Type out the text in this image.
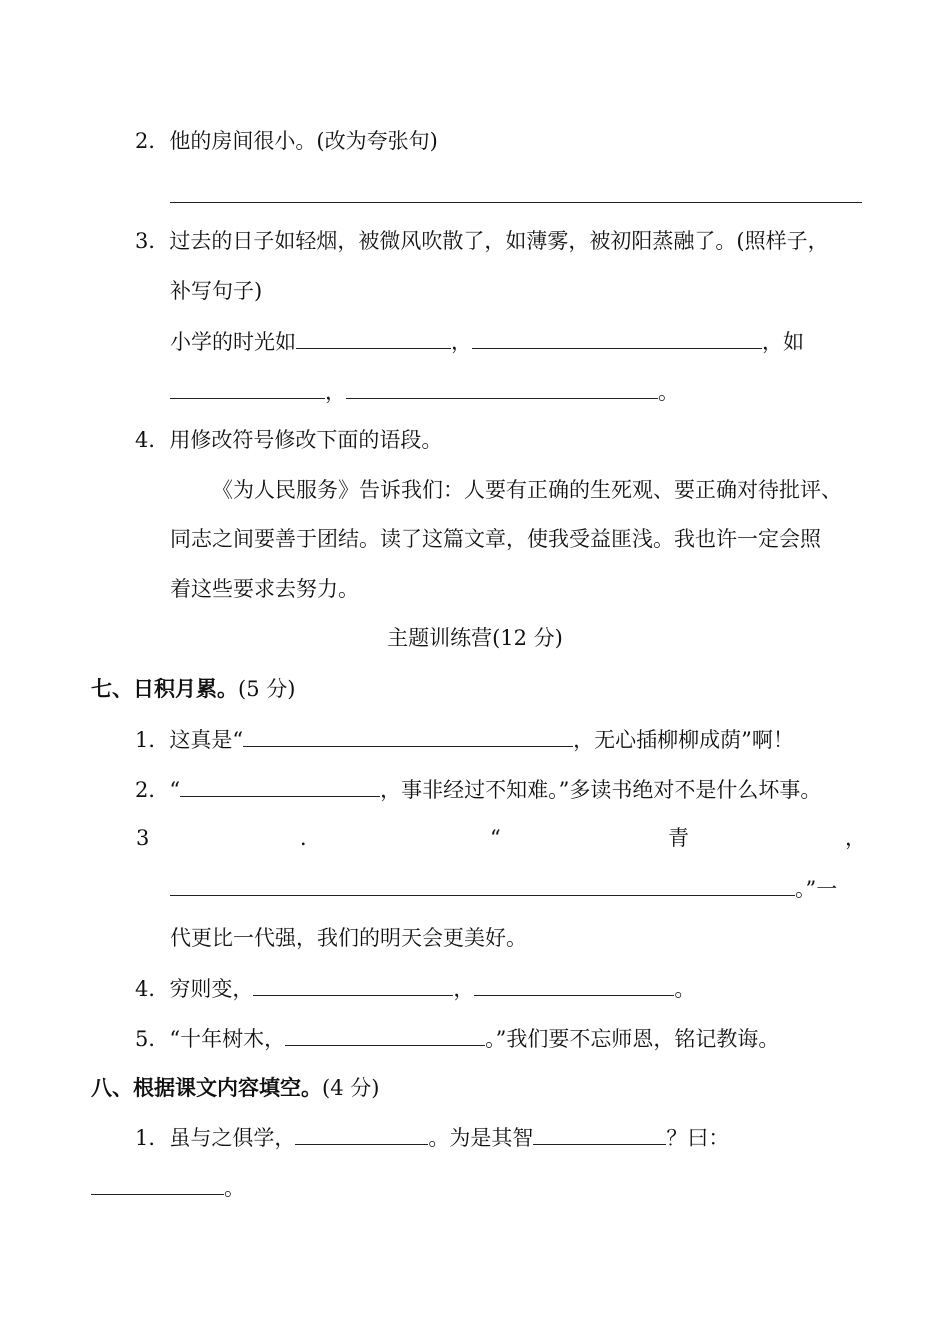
2．他的房间很小。(改为夸张句)
3．过去的日子如轻烟，被微风吹散了，如薄雾，被初阳蒸融了。(照样子，
补写句子)
小学的时光如	，	，如
，	。
4．用修改符号修改下面的语段。
《为人民服务》告诉我们：人要有正确的生死观、要正确对待批评、
同志之间要善于团结。读了这篇文章，使我受益匪浅。我也许一定会照
着这些要求去努力。
主题训练营(12 分)
七、日积月累。(5 分)
1．这真是“	，无心插柳柳成荫”啊！
2．“	，事非经过不知难。”多读书绝对不是什么坏事。
3	．	“	青	，
。”一
代更比一代强，我们的明天会更美好。
4．穷则变，	，	。
5．“十年树木，	。”我们要不忘师恩，铭记教诲。
八、根据课文内容填空。(4 分)
1．虽与之俱学，	。为是其智	？曰：
。
